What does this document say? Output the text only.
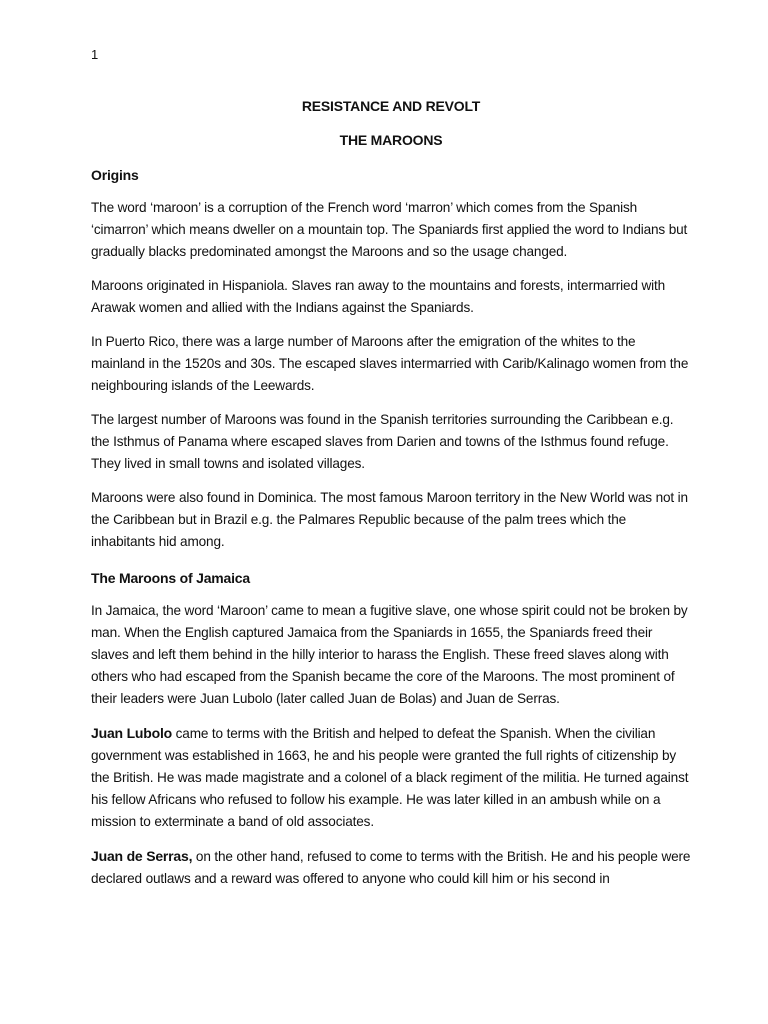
1
RESISTANCE AND REVOLT
THE MAROONS
Origins

The word ‘maroon’ is a corruption of the French word ‘marron’ which comes from the Spanish ‘cimarron’ which means dweller on a mountain top. The Spaniards first applied the word to Indians but gradually blacks predominated amongst the Maroons and so the usage changed.

Maroons originated in Hispaniola. Slaves ran away to the mountains and forests, intermarried with Arawak women and allied with the Indians against the Spaniards.

In Puerto Rico, there was a large number of Maroons after the emigration of the whites to the mainland in the 1520s and 30s. The escaped slaves intermarried with Carib/Kalinago women from the neighbouring islands of the Leewards.

The largest number of Maroons was found in the Spanish territories surrounding the Caribbean e.g. the Isthmus of Panama where escaped slaves from Darien and towns of the Isthmus found refuge. They lived in small towns and isolated villages.

Maroons were also found in Dominica. The most famous Maroon territory in the New World was not in the Caribbean but in Brazil e.g. the Palmares Republic because of the palm trees which the inhabitants hid among.

The Maroons of Jamaica

In Jamaica, the word ‘Maroon’ came to mean a fugitive slave, one whose spirit could not be broken by man. When the English captured Jamaica from the Spaniards in 1655, the Spaniards freed their slaves and left them behind in the hilly interior to harass the English. These freed slaves along with others who had escaped from the Spanish became the core of the Maroons. The most prominent of their leaders were Juan Lubolo (later called Juan de Bolas) and Juan de Serras.

Juan Lubolo came to terms with the British and helped to defeat the Spanish. When the civilian government was established in 1663, he and his people were granted the full rights of citizenship by the British. He was made magistrate and a colonel of a black regiment of the militia. He turned against his fellow Africans who refused to follow his example. He was later killed in an ambush while on a mission to exterminate a band of old associates.

Juan de Serras, on the other hand, refused to come to terms with the British. He and his people were declared outlaws and a reward was offered to anyone who could kill him or his second in
